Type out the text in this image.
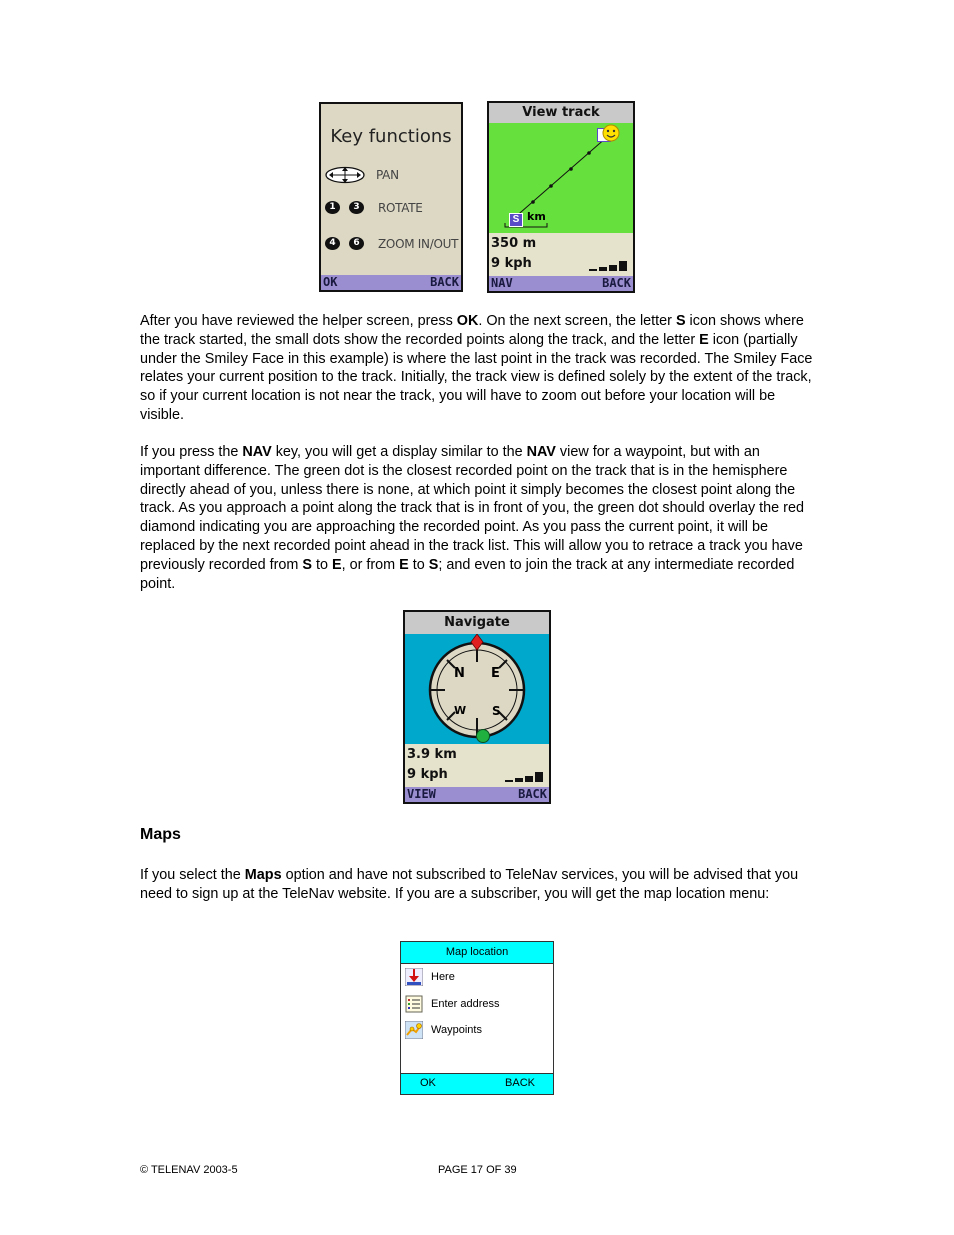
Key functions
PAN
1	3	ROTATE
4	6	ZOOM IN/OUT
OK	BACK
View track
S km
350 m
9 kph
NAV	BACK

After you have reviewed the helper screen, press OK. On the next screen, the letter S icon shows where the track started, the small dots show the recorded points along the track, and the letter E icon (partially under the Smiley Face in this example) is where the last point in the track was recorded. The Smiley Face relates your current position to the track. Initially, the track view is defined solely by the extent of the track, so if your current location is not near the track, you will have to zoom out before your location will be visible.

If you press the NAV key, you will get a display similar to the NAV view for a waypoint, but with an important difference. The green dot is the closest recorded point on the track that is in the hemisphere directly ahead of you, unless there is none, at which point it simply becomes the closest point along the track. As you approach a point along the track that is in front of you, the green dot should overlay the red diamond indicating you are approaching the recorded point. As you pass the current point, it will be replaced by the next recorded point ahead in the track list. This will allow you to retrace a track you have previously recorded from S to E, or from E to S; and even to join the track at any intermediate recorded point.

Navigate
N E
W S
3.9 km
9 kph
VIEW	BACK
Maps

If you select the Maps option and have not subscribed to TeleNav services, you will be advised that you need to sign up at the TeleNav website. If you are a subscriber, you will get the map location menu:

Map location
Here
Enter address
Waypoints
OK	BACK
© TELENAV 2003-5	PAGE 17 OF 39
